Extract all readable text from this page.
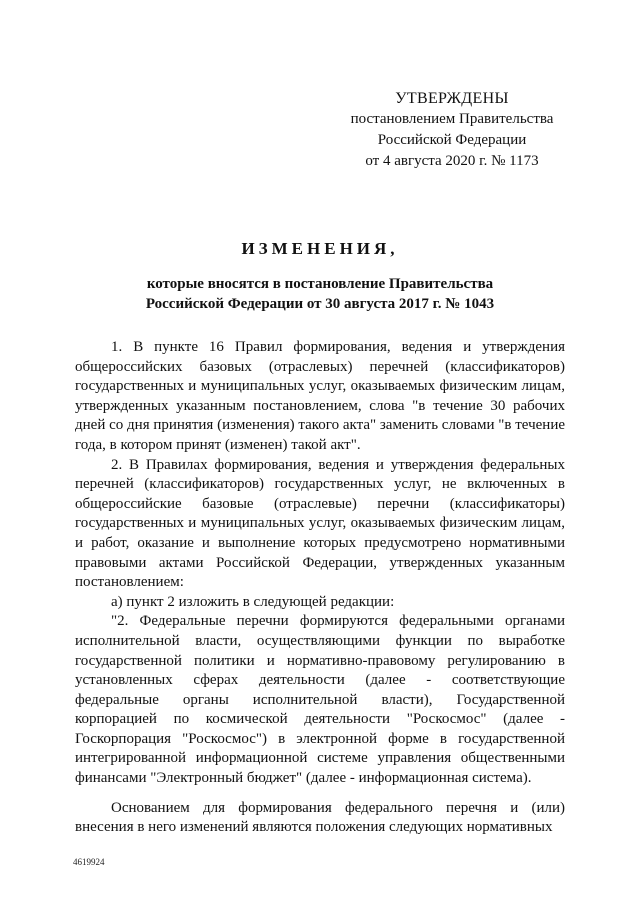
УТВЕРЖДЕНЫ
постановлением Правительства
Российской Федерации
от 4 августа 2020 г. № 1173
ИЗМЕНЕНИЯ,
которые вносятся в постановление Правительства
Российской Федерации от 30 августа 2017 г. № 1043

1. В пункте 16 Правил формирования, ведения и утверждения общероссийских базовых (отраслевых) перечней (классификаторов) государственных и муниципальных услуг, оказываемых физическим лицам, утвержденных указанным постановлением, слова "в течение 30 рабочих дней со дня принятия (изменения) такого акта" заменить словами "в течение года, в котором принят (изменен) такой акт".

2. В Правилах формирования, ведения и утверждения федеральных перечней (классификаторов) государственных услуг, не включенных в общероссийские базовые (отраслевые) перечни (классификаторы) государственных и муниципальных услуг, оказываемых физическим лицам, и работ, оказание и выполнение которых предусмотрено нормативными правовыми актами Российской Федерации, утвержденных указанным постановлением:

а) пункт 2 изложить в следующей редакции:

"2. Федеральные перечни формируются федеральными органами исполнительной власти, осуществляющими функции по выработке государственной политики и нормативно-правовому регулированию в установленных сферах деятельности (далее - соответствующие федеральные органы исполнительной власти), Государственной корпорацией по космической деятельности "Роскосмос" (далее - Госкорпорация "Роскосмос") в электронной форме в государственной интегрированной информационной системе управления общественными финансами "Электронный бюджет" (далее - информационная система).

Основанием для формирования федерального перечня и (или) внесения в него изменений являются положения следующих нормативных

4619924
